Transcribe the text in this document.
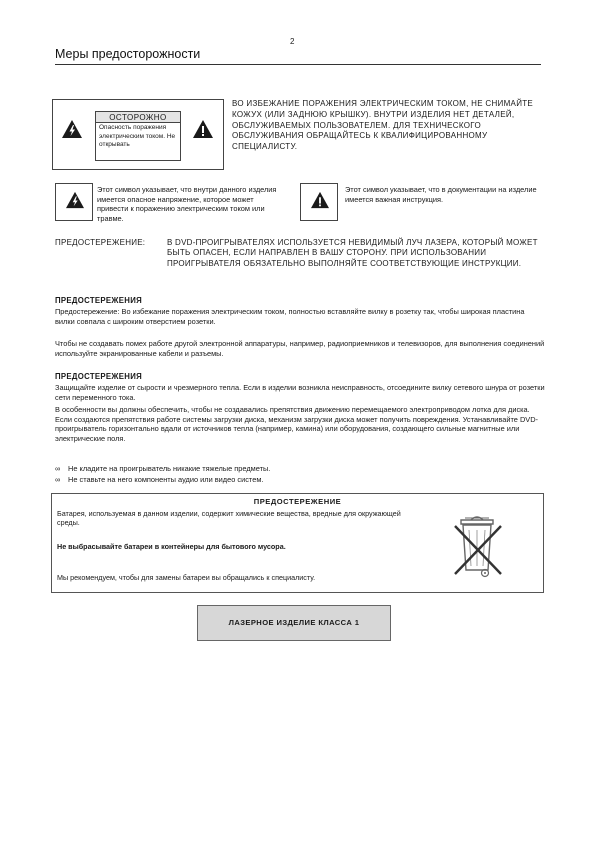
2
Меры предосторожности
ОСТОРОЖНО
Опасность поражения электрическим током. Не открывать
ВО ИЗБЕЖАНИЕ ПОРАЖЕНИЯ ЭЛЕКТРИЧЕСКИМ ТОКОМ, НЕ СНИМАЙТЕ КОЖУХ (ИЛИ ЗАДНЮЮ КРЫШКУ). ВНУТРИ ИЗДЕЛИЯ НЕТ ДЕТАЛЕЙ, ОБСЛУЖИВАЕМЫХ ПОЛЬЗОВАТЕЛЕМ. ДЛЯ ТЕХНИЧЕСКОГО ОБСЛУЖИВАНИЯ ОБРАЩАЙТЕСЬ К КВАЛИФИЦИРОВАННОМУ СПЕЦИАЛИСТУ.
Этот символ указывает, что внутри данного изделия имеется опасное напряжение, которое может привести к поражению электрическим током или травме.
Этот символ указывает, что в документации на изделие имеется важная инструкция.
ПРЕДОСТЕРЕЖЕНИЕ:	В DVD-ПРОИГРЫВАТЕЛЯХ ИСПОЛЬЗУЕТСЯ НЕВИДИМЫЙ ЛУЧ ЛАЗЕРА, КОТОРЫЙ МОЖЕТ БЫТЬ ОПАСЕН, ЕСЛИ НАПРАВЛЕН В ВАШУ СТОРОНУ. ПРИ ИСПОЛЬЗОВАНИИ ПРОИГРЫВАТЕЛЯ ОБЯЗАТЕЛЬНО ВЫПОЛНЯЙТЕ СООТВЕТСТВУЮЩИЕ ИНСТРУКЦИИ.
ПРЕДОСТЕРЕЖЕНИЯ
Предостережение: Во избежание поражения электрическим током, полностью вставляйте вилку в розетку так, чтобы широкая пластина вилки совпала с широким отверстием розетки.
Чтобы не создавать помех работе другой электронной аппаратуры, например, радиоприемников и телевизоров, для выполнения соединений используйте экранированные кабели и разъемы.
ПРЕДОСТЕРЕЖЕНИЯ
Защищайте изделие от сырости и чрезмерного тепла. Если в изделии возникла неисправность, отсоедините вилку сетевого шнура от розетки сети переменного тока.
В особенности вы должны обеспечить, чтобы не создавались препятствия движению перемещаемого электроприводом лотка для диска. Если создаются препятствия работе системы загрузки диска, механизм загрузки диска может получить повреждения. Устанавливайте DVD-проигрыватель горизонтально вдали от источников тепла (например, камина) или оборудования, создающего сильные магнитные или электрические поля.
∞ Не кладите на проигрыватель никакие тяжелые предметы.
∞ Не ставьте на него компоненты аудио или видео систем.
ПРЕДОСТЕРЕЖЕНИЕ
Батарея, используемая в данном изделии, содержит химические вещества, вредные для окружающей среды.
Не выбрасывайте батареи в контейнеры для бытового мусора.
Мы рекомендуем, чтобы для замены батареи вы обращались к специалисту.
ЛАЗЕРНОЕ ИЗДЕЛИЕ КЛАССА 1
